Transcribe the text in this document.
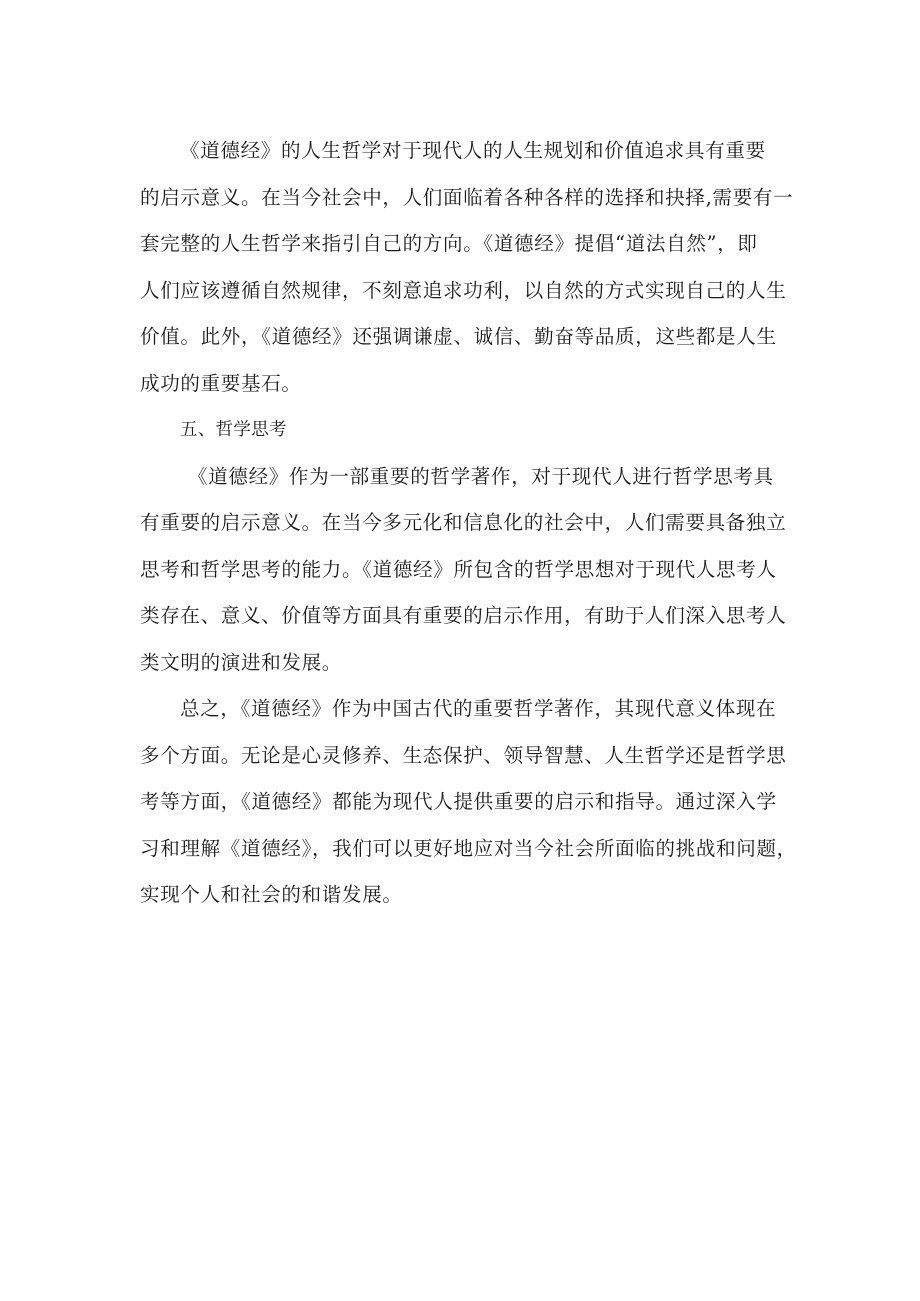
《道德经》的人生哲学对于现代人的人生规划和价值追求具有重要
的启示意义。在当今社会中，人们面临着各种各样的选择和抉择,需要有一
套完整的人生哲学来指引自己的方向。《道德经》提倡“道法自然”，即
人们应该遵循自然规律，不刻意追求功利，以自然的方式实现自己的人生
价值。此外，《道德经》还强调谦虚、诚信、勤奋等品质，这些都是人生
成功的重要基石。
五、哲学思考
《道德经》作为一部重要的哲学著作，对于现代人进行哲学思考具
有重要的启示意义。在当今多元化和信息化的社会中，人们需要具备独立
思考和哲学思考的能力。《道德经》所包含的哲学思想对于现代人思考人
类存在、意义、价值等方面具有重要的启示作用，有助于人们深入思考人
类文明的演进和发展。
总之，《道德经》作为中国古代的重要哲学著作，其现代意义体现在
多个方面。无论是心灵修养、生态保护、领导智慧、人生哲学还是哲学思
考等方面，《道德经》都能为现代人提供重要的启示和指导。通过深入学
习和理解《道德经》，我们可以更好地应对当今社会所面临的挑战和问题，
实现个人和社会的和谐发展。
